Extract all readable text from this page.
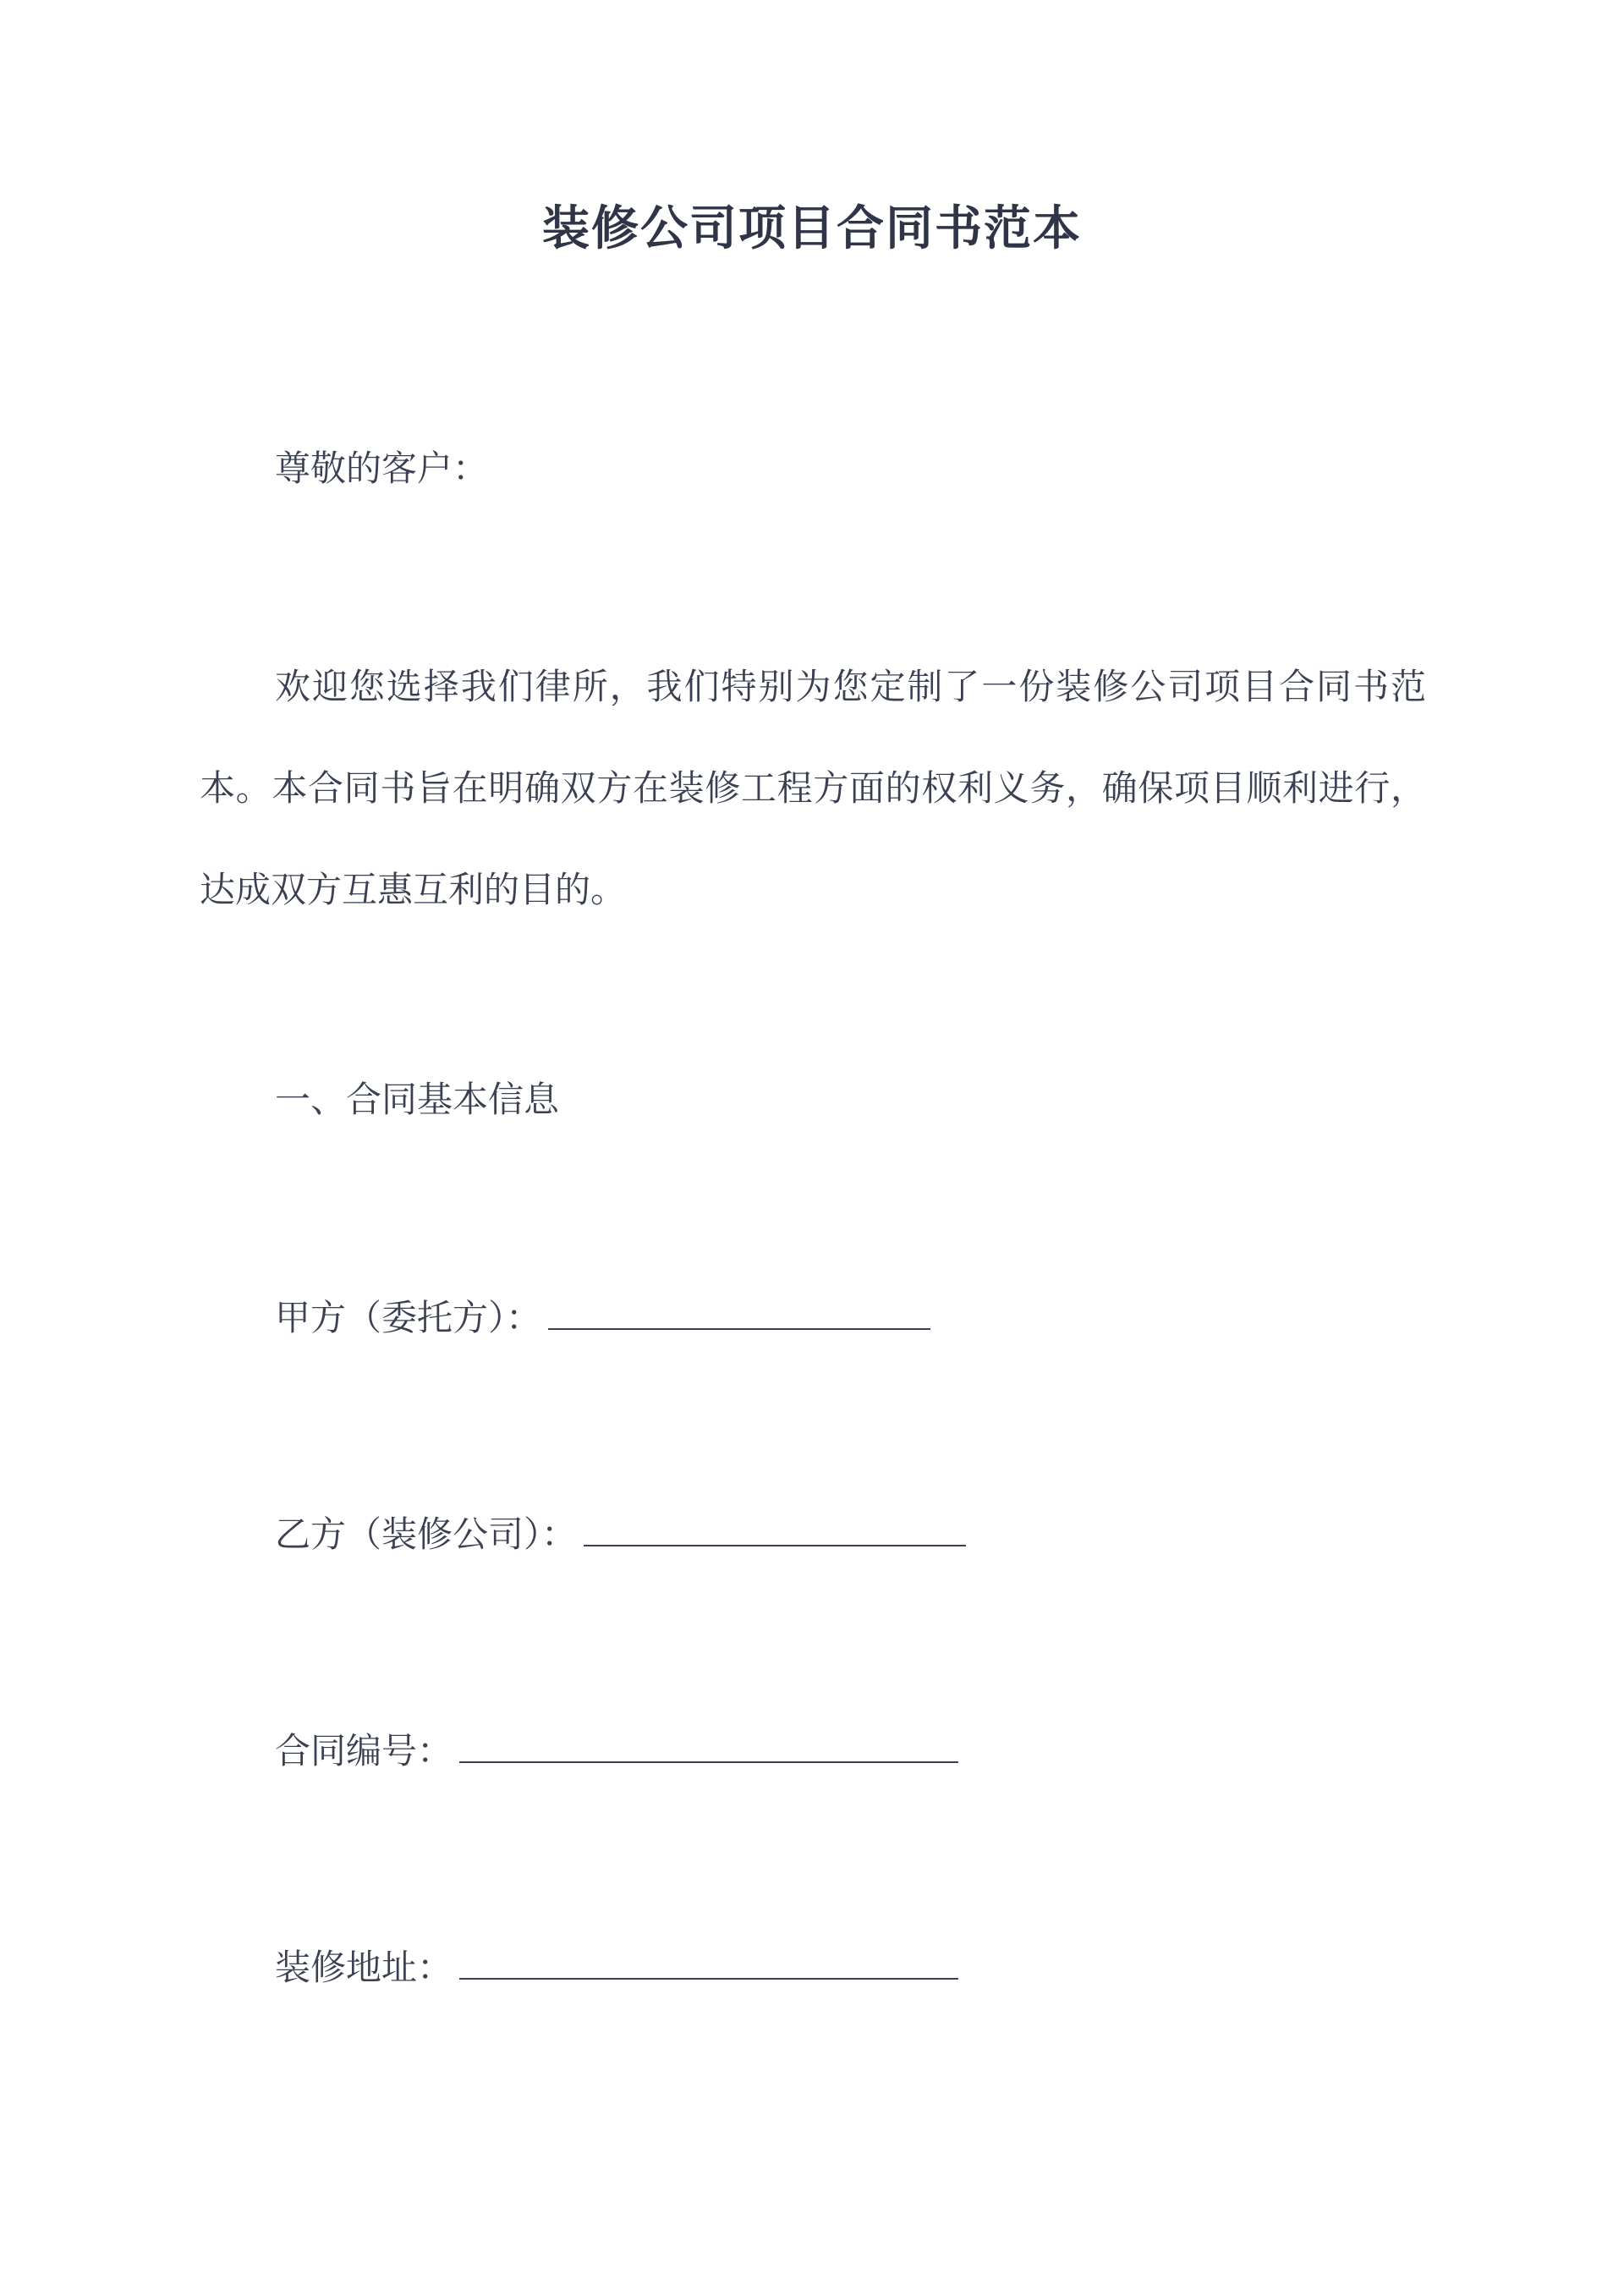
装修公司项目合同书范本
尊敬的客户：
欢迎您选择我们律所，我们特别为您定制了一份装修公司项目合同书范本。本合同书旨在明确双方在装修工程方面的权利义务，确保项目顺利进行，达成双方互惠互利的目的。
一、合同基本信息
甲方（委托方）：
乙方（装修公司）：
合同编号：
装修地址：
